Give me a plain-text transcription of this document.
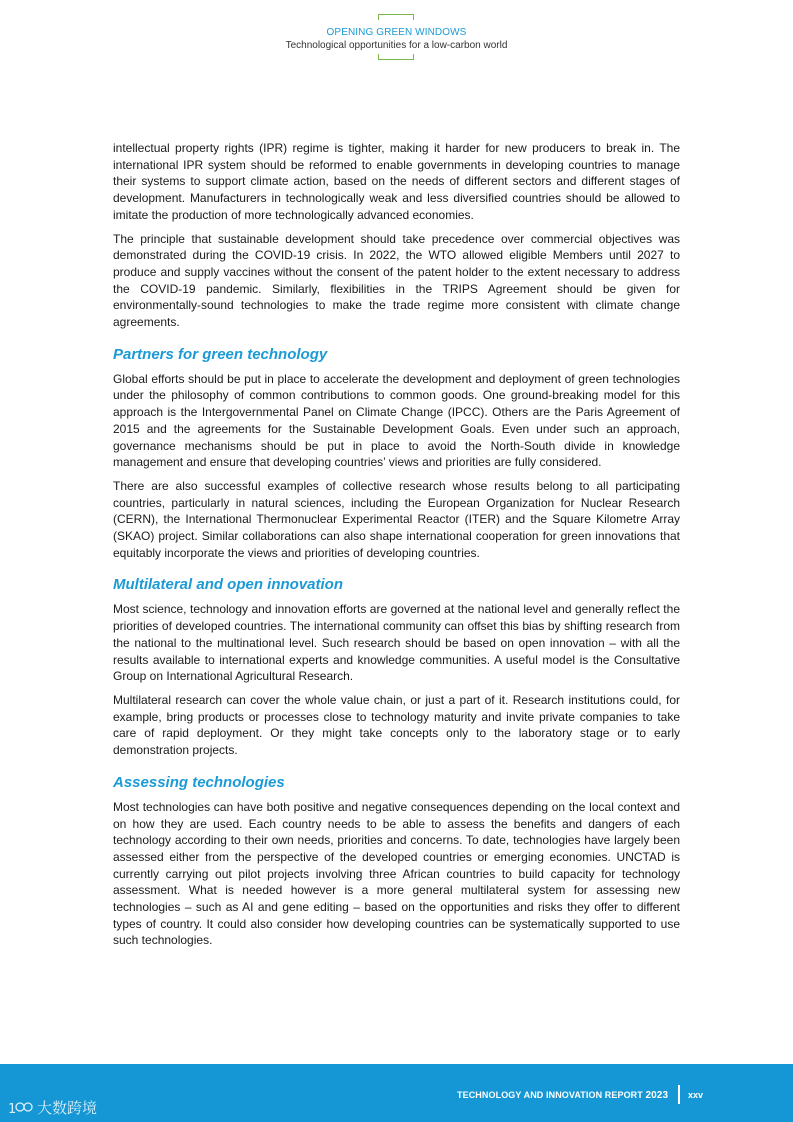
OPENING GREEN WINDOWS
Technological opportunities for a low-carbon world

intellectual property rights (IPR) regime is tighter, making it harder for new producers to break in. The international IPR system should be reformed to enable governments in developing countries to manage their systems to support climate action, based on the needs of different sectors and different stages of development. Manufacturers in technologically weak and less diversified countries should be allowed to imitate the production of more technologically advanced economies.

The principle that sustainable development should take precedence over commercial objectives was demonstrated during the COVID-19 crisis. In 2022, the WTO allowed eligible Members until 2027 to produce and supply vaccines without the consent of the patent holder to the extent necessary to address the COVID-19 pandemic. Similarly, flexibilities in the TRIPS Agreement should be given for environmentally-sound technologies to make the trade regime more consistent with climate change agreements.

Partners for green technology

Global efforts should be put in place to accelerate the development and deployment of green technologies under the philosophy of common contributions to common goods. One ground-breaking model for this approach is the Intergovernmental Panel on Climate Change (IPCC). Others are the Paris Agreement of 2015 and the agreements for the Sustainable Development Goals. Even under such an approach, governance mechanisms should be put in place to avoid the North-South divide in knowledge management and ensure that developing countries’ views and priorities are fully considered.

There are also successful examples of collective research whose results belong to all participating countries, particularly in natural sciences, including the European Organization for Nuclear Research (CERN), the International Thermonuclear Experimental Reactor (ITER) and the Square Kilometre Array (SKAO) project. Similar collaborations can also shape international cooperation for green innovations that equitably incorporate the views and priorities of developing countries.

Multilateral and open innovation

Most science, technology and innovation efforts are governed at the national level and generally reflect the priorities of developed countries. The international community can offset this bias by shifting research from the national to the multinational level. Such research should be based on open innovation – with all the results available to international experts and knowledge communities. A useful model is the Consultative Group on International Agricultural Research.

Multilateral research can cover the whole value chain, or just a part of it. Research institutions could, for example, bring products or processes close to technology maturity and invite private companies to take care of rapid deployment. Or they might take concepts only to the laboratory stage or to early demonstration projects.

Assessing technologies

Most technologies can have both positive and negative consequences depending on the local context and on how they are used. Each country needs to be able to assess the benefits and dangers of each technology according to their own needs, priorities and concerns. To date, technologies have largely been assessed either from the perspective of the developed countries or emerging economies. UNCTAD is currently carrying out pilot projects involving three African countries to build capacity for technology assessment. What is needed however is a more general multilateral system for assessing new technologies – such as AI and gene editing – based on the opportunities and risks they offer to different types of country. It could also consider how developing countries can be systematically supported to use such technologies.

1 大数跨境
TECHNOLOGY AND INNOVATION REPORT 2023 xxv
